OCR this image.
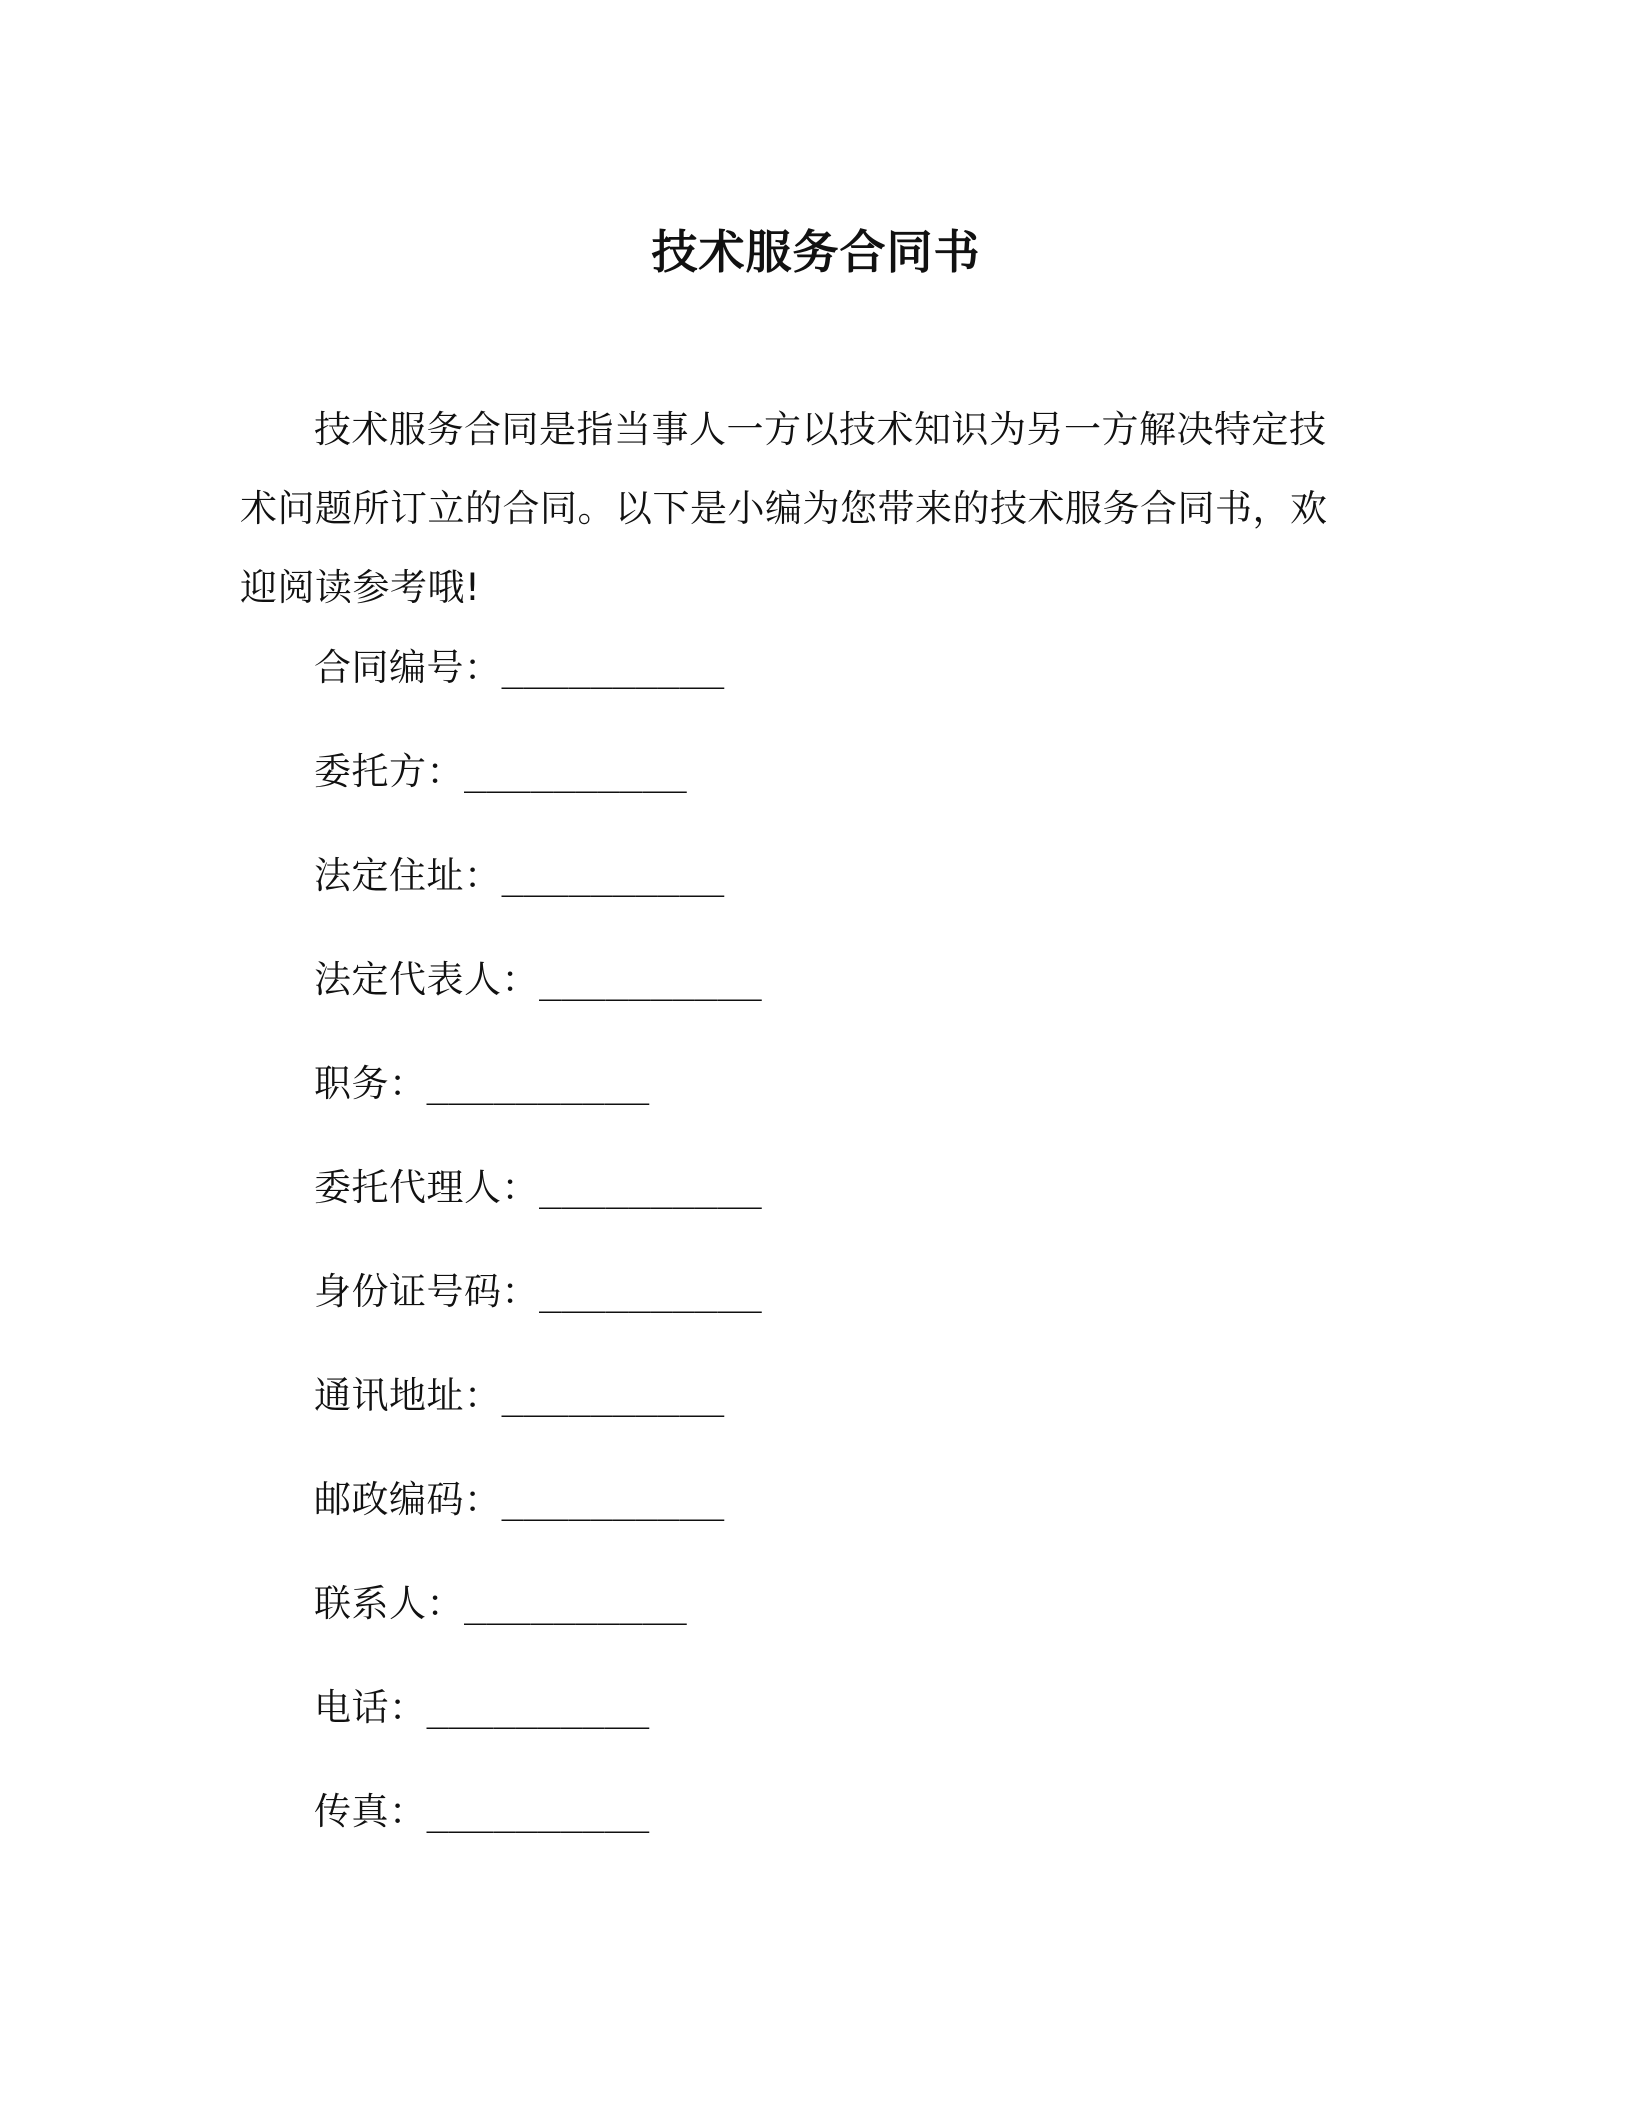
技术服务合同书

技术服务合同是指当事人一方以技术知识为另一方解决特定技术问题所订立的合同。以下是小编为您带来的技术服务合同书，欢迎阅读参考哦!

合同编号：__________
委托方：__________
法定住址：__________
法定代表人：__________
职务：__________
委托代理人：__________
身份证号码：__________
通讯地址：__________
邮政编码：__________
联系人：__________
电话：__________
传真：__________
